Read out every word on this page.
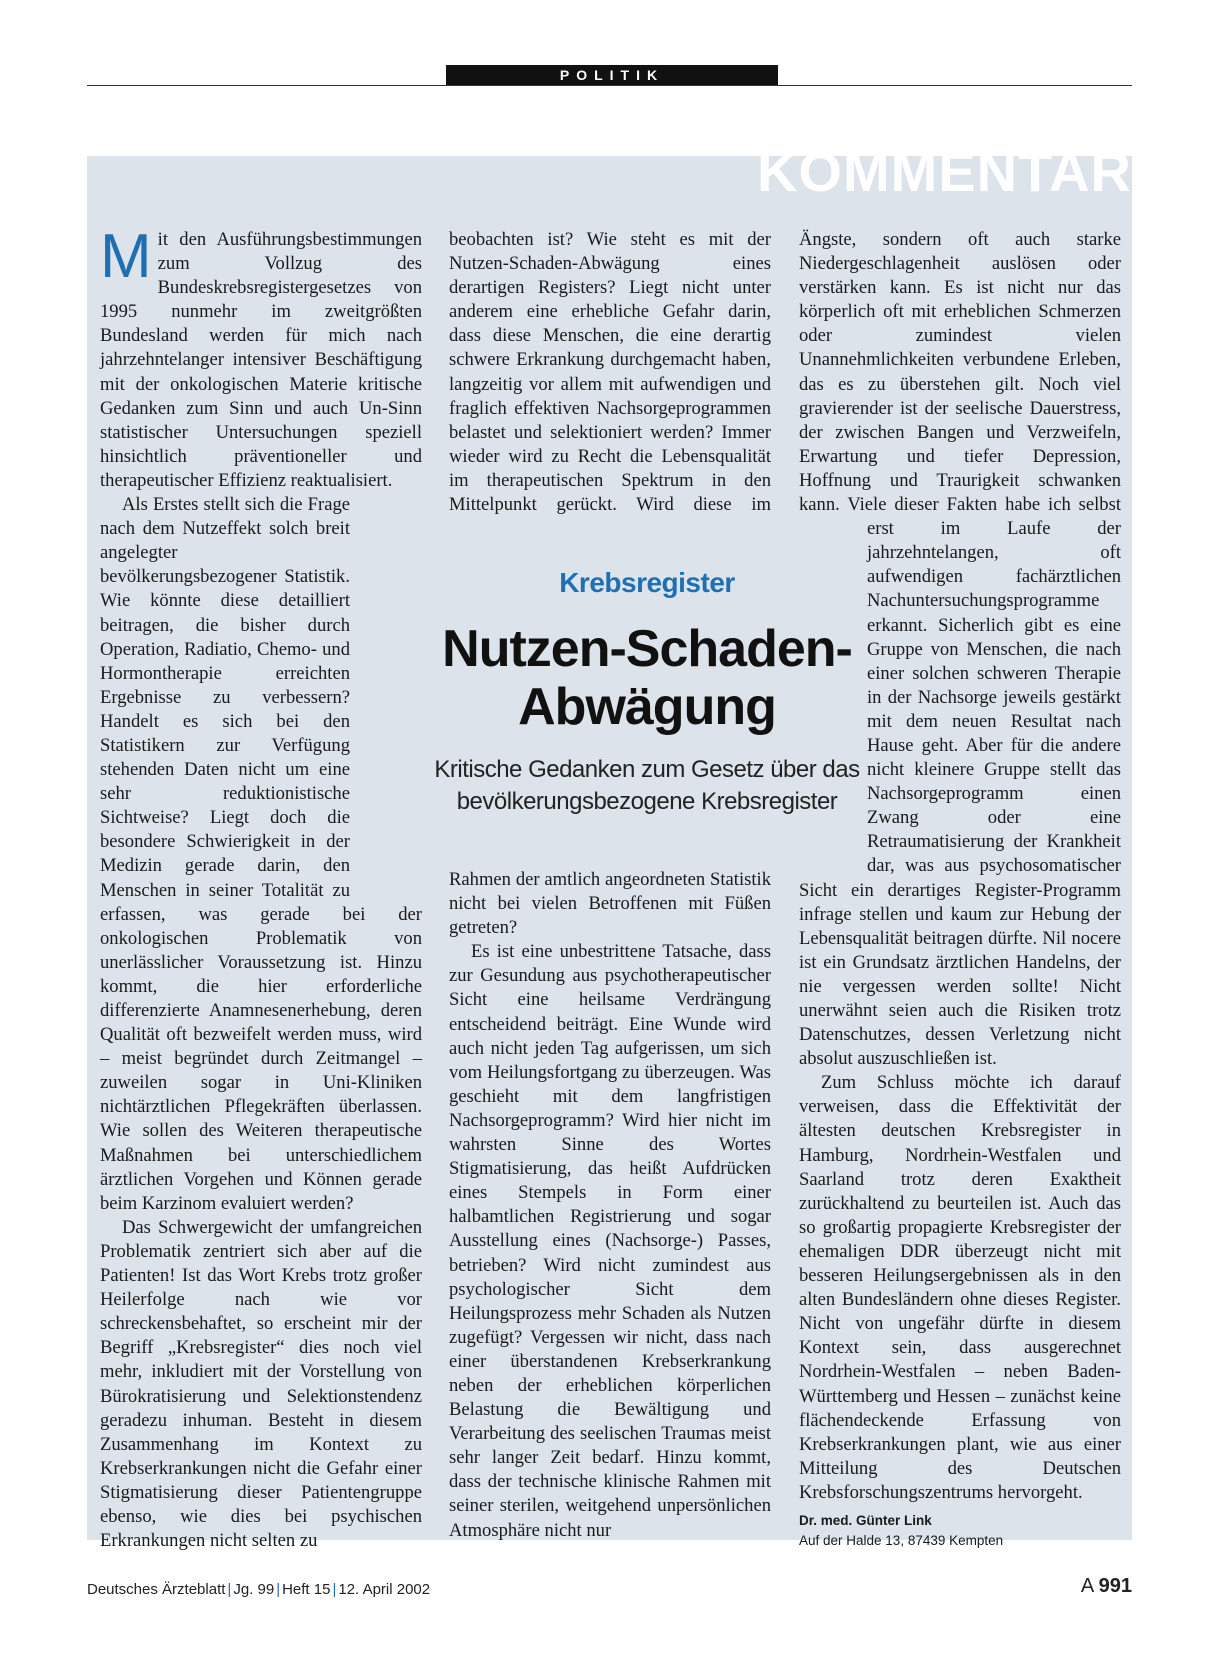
POLITIK
KOMMENTAR
M it den Ausführungsbestimmungen zum Vollzug des Bundeskrebsregistergesetzes von 1995 nunmehr im zweitgrößten Bundesland werden für mich nach jahrzehntelanger intensiver Beschäftigung mit der onkologischen Materie kritische Gedanken zum Sinn und auch Un-Sinn statistischer Untersuchungen speziell hinsichtlich präventioneller und therapeutischer Effizienz reaktualisiert.

Als Erstes stellt sich die Frage nach dem Nutzeffekt solch breit angelegter bevölkerungsbezogener Statistik. Wie könnte diese detailliert beitragen, die bisher durch Operation, Radiatio, Chemo- und Hormontherapie erreichten Ergebnisse zu verbessern? Handelt es sich bei den Statistikern zur Verfügung stehenden Daten nicht um eine sehr reduktionistische Sichtweise? Liegt doch die besondere Schwierigkeit in der Medizin gerade darin, den Menschen in seiner Totalität zu erfassen, was gerade bei der onkologischen Problematik von unerlässlicher Voraussetzung ist. Hinzu kommt, die hier erforderliche differenzierte Anamnesenerhebung, deren Qualität oft bezweifelt werden muss, wird – meist begründet durch Zeitmangel – zuweilen sogar in Uni-Kliniken nichtärztlichen Pflegekräften überlassen. Wie sollen des Weiteren therapeutische Maßnahmen bei unterschiedlichem ärztlichen Vorgehen und Können gerade beim Karzinom evaluiert werden?

Das Schwergewicht der umfangreichen Problematik zentriert sich aber auf die Patienten! Ist das Wort Krebs trotz großer Heilerfolge nach wie vor schreckensbehaftet, so erscheint mir der Begriff „Krebsregister“ dies noch viel mehr, inkludiert mit der Vorstellung von Bürokratisierung und Selektionstendenz geradezu inhuman. Besteht in diesem Zusammenhang im Kontext zu Krebserkrankungen nicht die Gefahr einer Stigmatisierung dieser Patientengruppe ebenso, wie dies bei psychischen Erkrankungen nicht selten zu

beobachten ist? Wie steht es mit der Nutzen-Schaden-Abwägung eines derartigen Registers? Liegt nicht unter anderem eine erhebliche Gefahr darin, dass diese Menschen, die eine derartig schwere Erkrankung durchgemacht haben, langzeitig vor allem mit aufwendigen und fraglich effektiven Nachsorgeprogrammen belastet und selektioniert werden? Immer wieder wird zu Recht die Lebensqualität im therapeutischen Spektrum in den Mittelpunkt gerückt. Wird diese im Rahmen der amtlich angeordneten Statistik nicht bei vielen Betroffenen mit Füßen getreten?

Es ist eine unbestrittene Tatsache, dass zur Gesundung aus psychotherapeutischer Sicht eine heilsame Verdrängung entscheidend beiträgt. Eine Wunde wird auch nicht jeden Tag aufgerissen, um sich vom Heilungsfortgang zu überzeugen. Was geschieht mit dem langfristigen Nachsorgeprogramm? Wird hier nicht im wahrsten Sinne des Wortes Stigmatisierung, das heißt Aufdrücken eines Stempels in Form einer halbamtlichen Registrierung und sogar Ausstellung eines (Nachsorge-) Passes, betrieben? Wird nicht zumindest aus psychologischer Sicht dem Heilungsprozess mehr Schaden als Nutzen zugefügt? Vergessen wir nicht, dass nach einer überstandenen Krebserkrankung neben der erheblichen körperlichen Belastung die Bewältigung und Verarbeitung des seelischen Traumas meist sehr langer Zeit bedarf. Hinzu kommt, dass der technische klinische Rahmen mit seiner sterilen, weitgehend unpersönlichen Atmosphäre nicht nur

Ängste, sondern oft auch starke Niedergeschlagenheit auslösen oder verstärken kann. Es ist nicht nur das körperlich oft mit erheblichen Schmerzen oder zumindest vielen Unannehmlichkeiten verbundene Erleben, das es zu überstehen gilt. Noch viel gravierender ist der seelische Dauerstress, der zwischen Bangen und Verzweifeln, Erwartung und tiefer Depression, Hoffnung und Traurigkeit schwanken kann. Viele dieser Fakten habe ich selbst erst im Laufe der jahrzehntelangen, oft aufwendigen fachärztlichen Nachuntersuchungsprogramme erkannt. Sicherlich gibt es eine Gruppe von Menschen, die nach einer solchen schweren Therapie in der Nachsorge jeweils gestärkt mit dem neuen Resultat nach Hause geht. Aber für die andere nicht kleinere Gruppe stellt das Nachsorgeprogramm einen Zwang oder eine Retraumatisierung der Krankheit dar, was aus psychosomatischer Sicht ein derartiges Register-Programm infrage stellen und kaum zur Hebung der Lebensqualität beitragen dürfte. Nil nocere ist ein Grundsatz ärztlichen Handelns, der nie vergessen werden sollte! Nicht unerwähnt seien auch die Risiken trotz Datenschutzes, dessen Verletzung nicht absolut auszuschließen ist.

Zum Schluss möchte ich darauf verweisen, dass die Effektivität der ältesten deutschen Krebsregister in Hamburg, Nordrhein-Westfalen und Saarland trotz deren Exaktheit zurückhaltend zu beurteilen ist. Auch das so großartig propagierte Krebsregister der ehemaligen DDR überzeugt nicht mit besseren Heilungsergebnissen als in den alten Bundesländern ohne dieses Register. Nicht von ungefähr dürfte in diesem Kontext sein, dass ausgerechnet Nordrhein-Westfalen – neben Baden-Württemberg und Hessen – zunächst keine flächendeckende Erfassung von Krebserkrankungen plant, wie aus einer Mitteilung des Deutschen Krebsforschungszentrums hervorgeht.

Dr. med. Günter Link
Auf der Halde 13, 87439 Kempten
Krebsregister
Nutzen-Schaden-
Abwägung
Kritische Gedanken zum Gesetz über das
bevölkerungsbezogene Krebsregister
Deutsches Ärzteblatt | Jg. 99 | Heft 15 | 12. April 2002	A 991
